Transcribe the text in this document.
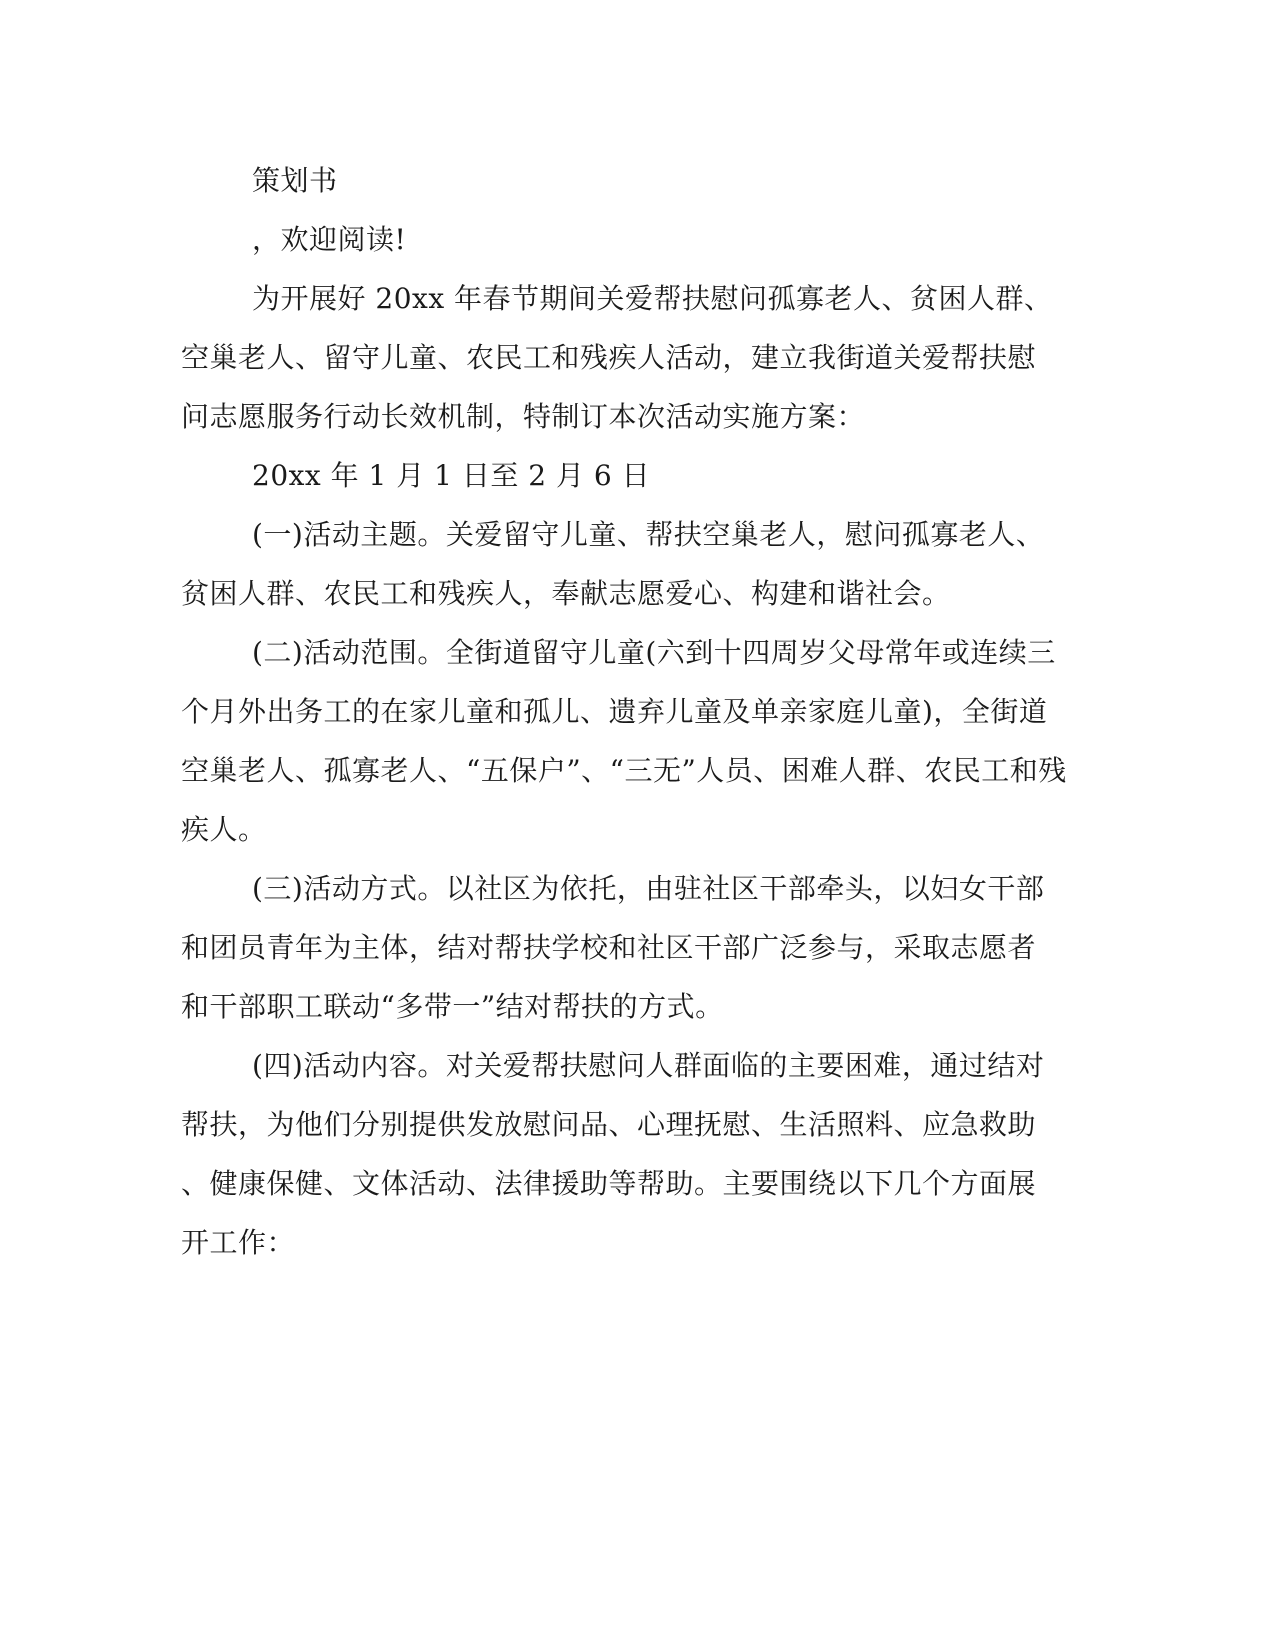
策划书
，欢迎阅读!
为开展好 20xx 年春节期间关爱帮扶慰问孤寡老人、贫困人群、
空巢老人、留守儿童、农民工和残疾人活动，建立我街道关爱帮扶慰
问志愿服务行动长效机制，特制订本次活动实施方案：
20xx 年 1 月 1 日至 2 月 6 日
(一)活动主题。关爱留守儿童、帮扶空巢老人，慰问孤寡老人、
贫困人群、农民工和残疾人，奉献志愿爱心、构建和谐社会。
(二)活动范围。全街道留守儿童(六到十四周岁父母常年或连续三
个月外出务工的在家儿童和孤儿、遗弃儿童及单亲家庭儿童)，全街道
空巢老人、孤寡老人、“五保户”、“三无”人员、困难人群、农民工和残
疾人。
(三)活动方式。以社区为依托，由驻社区干部牵头，以妇女干部
和团员青年为主体，结对帮扶学校和社区干部广泛参与，采取志愿者
和干部职工联动“多带一”结对帮扶的方式。
(四)活动内容。对关爱帮扶慰问人群面临的主要困难，通过结对
帮扶，为他们分别提供发放慰问品、心理抚慰、生活照料、应急救助
、健康保健、文体活动、法律援助等帮助。主要围绕以下几个方面展
开工作：
